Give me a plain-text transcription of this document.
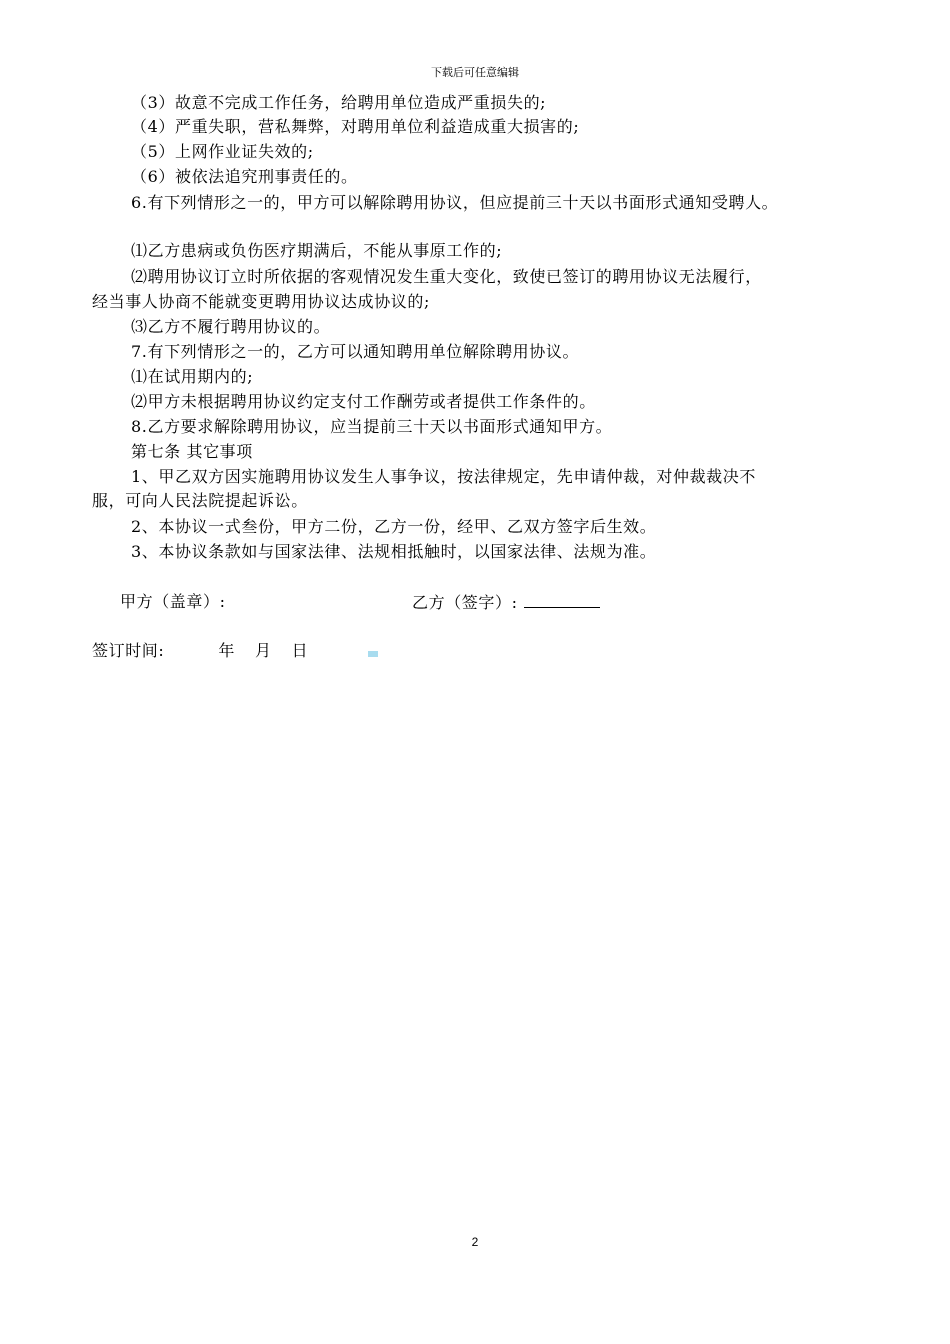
下载后可任意编辑
（3）故意不完成工作任务，给聘用单位造成严重损失的;
（4）严重失职，营私舞弊，对聘用单位利益造成重大损害的;
（5）上网作业证失效的;
（6）被依法追究刑事责任的。
6.有下列情形之一的，甲方可以解除聘用协议，但应提前三十天以书面形式通知受聘人。
⑴乙方患病或负伤医疗期满后，不能从事原工作的;
⑵聘用协议订立时所依据的客观情况发生重大变化，致使已签订的聘用协议无法履行，
经当事人协商不能就变更聘用协议达成协议的;
⑶乙方不履行聘用协议的。
7.有下列情形之一的，乙方可以通知聘用单位解除聘用协议。
⑴在试用期内的;
⑵甲方未根据聘用协议约定支付工作酬劳或者提供工作条件的。
8.乙方要求解除聘用协议，应当提前三十天以书面形式通知甲方。
第七条 其它事项
1、甲乙双方因实施聘用协议发生人事争议，按法律规定，先申请仲裁，对仲裁裁决不
服，可向人民法院提起诉讼。
2、本协议一式叁份，甲方二份，乙方一份，经甲、乙双方签字后生效。
3、本协议条款如与国家法律、法规相抵触时，以国家法律、法规为准。
甲方（盖章）:	乙方（签字）:
签订时间:	年 月 日
2
